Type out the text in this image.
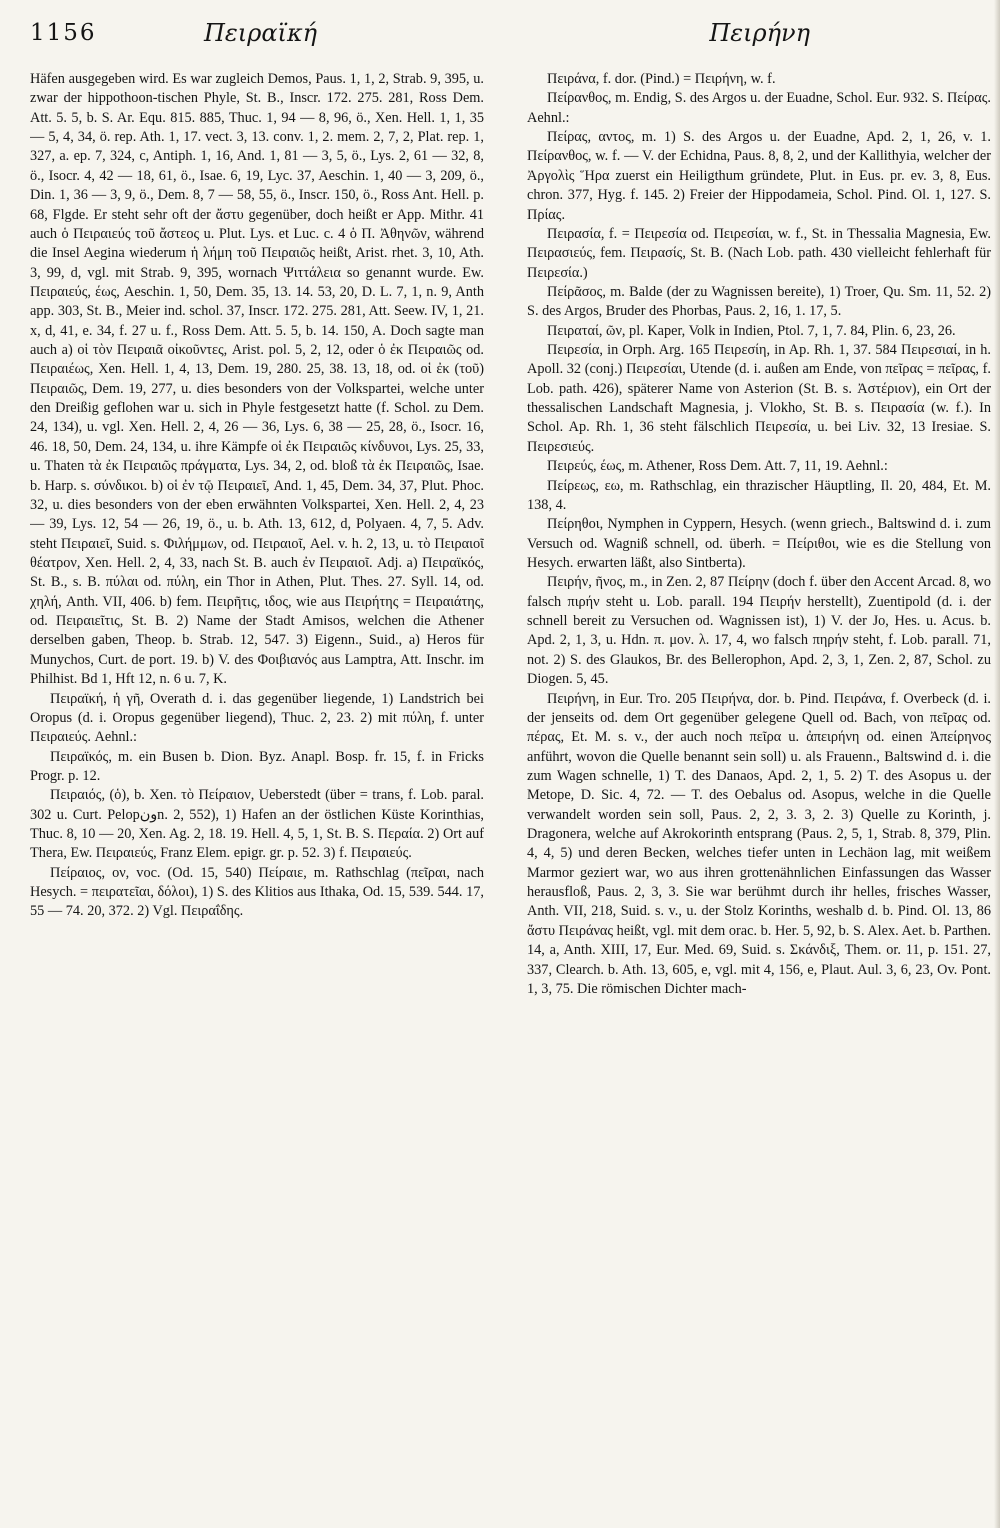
1156	Πειραϊκή	Πειρήνη

Häfen ausgegeben wird. Es war zugleich Demos, Paus. 1, 1, 2, Strab. 9, 395, u. zwar der hippothoon-tischen Phyle, St. B., Inscr. 172. 275. 281, Ross Dem. Att. 5. 5, b. S. Ar. Equ. 815. 885, Thuc. 1, 94 — 8, 96, ö., Xen. Hell. 1, 1, 35 — 5, 4, 34, ö. rep. Ath. 1, 17. vect. 3, 13. conv. 1, 2. mem. 2, 7, 2, Plat. rep. 1, 327, a. ep. 7, 324, c, Antiph. 1, 16, And. 1, 81 — 3, 5, ö., Lys. 2, 61 — 32, 8, ö., Isocr. 4, 42 — 18, 61, ö., Isae. 6, 19, Lyc. 37, Aeschin. 1, 40 — 3, 209, ö., Din. 1, 36 — 3, 9, ö., Dem. 8, 7 — 58, 55, ö., Inscr. 150, ö., Ross Ant. Hell. p. 68, Flgde. Er steht sehr oft der ἄστυ gegenüber, doch heißt er App. Mithr. 41 auch ὁ Πειραιεύς τοῦ ἄστεος u. Plut. Lys. et Luc. c. 4 ὁ Π. Ἀθηνῶν, während die Insel Aegina wiederum ἡ λήμη τοῦ Πειραιῶς heißt, Arist. rhet. 3, 10, Ath. 3, 99, d, vgl. mit Strab. 9, 395, wornach Ψιττάλεια so genannt wurde. Ew. Πειραιεύς, έως, Aeschin. 1, 50, Dem. 35, 13. 14. 53, 20, D. L. 7, 1, n. 9, Anth app. 303, St. B., Meier ind. schol. 37, Inscr. 172. 275. 281, Att. Seew. IV, 1, 21. x, d, 41, e. 34, f. 27 u. f., Ross Dem. Att. 5. 5, b. 14. 150, A. Doch sagte man auch a) οἱ τὸν Πειραιᾶ οἰκοῦντες, Arist. pol. 5, 2, 12, oder ὁ ἐκ Πειραιῶς od. Πειραιέως, Xen. Hell. 1, 4, 13, Dem. 19, 280. 25, 38. 13, 18, od. οἱ ἐκ (τοῦ) Πειραιῶς, Dem. 19, 277, u. dies besonders von der Volkspartei, welche unter den Dreißig geflohen war u. sich in Phyle festgesetzt hatte (f. Schol. zu Dem. 24, 134), u. vgl. Xen. Hell. 2, 4, 26 — 36, Lys. 6, 38 — 25, 28, ö., Isocr. 16, 46. 18, 50, Dem. 24, 134, u. ihre Kämpfe οἱ ἐκ Πειραιῶς κίνδυνοι, Lys. 25, 33, u. Thaten τὰ ἐκ Πειραιῶς πράγματα, Lys. 34, 2, od. bloß τὰ ἐκ Πειραιῶς, Isae. b. Harp. s. σύνδικοι. b) οἱ ἐν τῷ Πειραιεῖ, And. 1, 45, Dem. 34, 37, Plut. Phoc. 32, u. dies besonders von der eben erwähnten Volkspartei, Xen. Hell. 2, 4, 23 — 39, Lys. 12, 54 — 26, 19, ö., u. b. Ath. 13, 612, d, Polyaen. 4, 7, 5. Adv. steht Πειραιεῖ, Suid. s. Φιλήμμων, od. Πειραιοῖ, Ael. v. h. 2, 13, u. τὸ Πειραιοῖ θέατρον, Xen. Hell. 2, 4, 33, nach St. B. auch ἐν Πειραιοῖ. Adj. a) Πειραϊκός, St. B., s. B. πύλαι od. πύλη, ein Thor in Athen, Plut. Thes. 27. Syll. 14, od. χηλή, Anth. VII, 406. b) fem. Πειρῆτις, ιδος, wie aus Πειρήτης = Πειραιάτης, od. Πειραιεῖτις, St. B. 2) Name der Stadt Amisos, welchen die Athener derselben gaben, Theop. b. Strab. 12, 547. 3) Eigenn., Suid., a) Heros für Munychos, Curt. de port. 19. b) V. des Φοιβιανός aus Lamptra, Att. Inschr. im Philhist. Bd 1, Hft 12, n. 6 u. 7, K.

Πειραϊκή, ἡ γῆ, Overath d. i. das gegenüber liegende, 1) Landstrich bei Oropus (d. i. Oropus gegenüber liegend), Thuc. 2, 23. 2) mit πύλη, f. unter Πειραιεύς. Aehnl.:

Πειραϊκός, m. ein Busen b. Dion. Byz. Anapl. Bosp. fr. 15, f. in Fricks Progr. p. 12.

Πειραιός, (ὁ), b. Xen. τὸ Πείραιον, Ueberstedt (über = trans, f. Lob. paral. 302 u. Curt. Pelopونn. 2, 552), 1) Hafen an der östlichen Küste Korinthias, Thuc. 8, 10 — 20, Xen. Ag. 2, 18. 19. Hell. 4, 5, 1, St. B. S. Περαία. 2) Ort auf Thera, Ew. Πειραιεύς, Franz Elem. epigr. gr. p. 52. 3) f. Πειραιεύς.

Πείραιος, ον, voc. (Od. 15, 540) Πείραιε, m. Rathschlag (πεῖραι, nach Hesych. = πειρατεῖαι, δόλοι), 1) S. des Klitios aus Ithaka, Od. 15, 539. 544. 17, 55 — 74. 20, 372. 2) Vgl. Πειραΐδης.

Πειράνα, f. dor. (Pind.) = Πειρήνη, w. f.

Πείρανθος, m. Endig, S. des Argos u. der Euadne, Schol. Eur. 932. S. Πείρας. Aehnl.:

Πείρας, αντος, m. 1) S. des Argos u. der Euadne, Apd. 2, 1, 26, v. 1. Πείρανθος, w. f. — V. der Echidna, Paus. 8, 8, 2, und der Kallithyia, welcher der Ἀργολὶς Ἥρα zuerst ein Heiligthum gründete, Plut. in Eus. pr. ev. 3, 8, Eus. chron. 377, Hyg. f. 145. 2) Freier der Hippodameia, Schol. Pind. Ol. 1, 127. S. Πρίας.

Πειρασία, f. = Πειρεσία od. Πειρεσίαι, w. f., St. in Thessalia Magnesia, Ew. Πειρασιεύς, fem. Πειρασίς, St. B. (Nach Lob. path. 430 vielleicht fehlerhaft für Πειρεσία.)

Πείρᾶσος, m. Balde (der zu Wagnissen bereite), 1) Troer, Qu. Sm. 11, 52. 2) S. des Argos, Bruder des Phorbas, Paus. 2, 16, 1. 17, 5.

Πειραταί, ῶν, pl. Kaper, Volk in Indien, Ptol. 7, 1, 7. 84, Plin. 6, 23, 26.

Πειρεσία, in Orph. Arg. 165 Πειρεσίη, in Ap. Rh. 1, 37. 584 Πειρεσιαί, in h. Apoll. 32 (conj.) Πειρεσίαι, Utende (d. i. außen am Ende, von πεῖρας = πεῖρας, f. Lob. path. 426), späterer Name von Asterion (St. B. s. Ἀστέριον), ein Ort der thessalischen Landschaft Magnesia, j. Vlokho, St. B. s. Πειρασία (w. f.). In Schol. Ap. Rh. 1, 36 steht fälschlich Πειρεσία, u. bei Liv. 32, 13 Iresiae. S. Πειρεσιεύς.

Πειρεύς, έως, m. Athener, Ross Dem. Att. 7, 11, 19. Aehnl.:

Πείρεως, εω, m. Rathschlag, ein thrazischer Häuptling, Il. 20, 484, Et. M. 138, 4.

Πείρηθοι, Nymphen in Cyppern, Hesych. (wenn griech., Baltswind d. i. zum Versuch od. Wagniß schnell, od. überh. = Πείριθοι, wie es die Stellung von Hesych. erwarten läßt, also Sintberta).

Πειρήν, ῆνος, m., in Zen. 2, 87 Πείρην (doch f. über den Accent Arcad. 8, wo falsch πιρήν steht u. Lob. parall. 194 Πειρήν herstellt), Zuentipold (d. i. der schnell bereit zu Versuchen od. Wagnissen ist), 1) V. der Jo, Hes. u. Acus. b. Apd. 2, 1, 3, u. Hdn. π. μον. λ. 17, 4, wo falsch πηρήν steht, f. Lob. parall. 71, not. 2) S. des Glaukos, Br. des Bellerophon, Apd. 2, 3, 1, Zen. 2, 87, Schol. zu Diogen. 5, 45.

Πειρήνη, in Eur. Tro. 205 Πειρήνα, dor. b. Pind. Πειράνα, f. Overbeck (d. i. der jenseits od. dem Ort gegenüber gelegene Quell od. Bach, von πεῖρας od. πέρας, Et. M. s. v., der auch noch πεῖρα u. ἀπειρήνη od. einen Ἀπείρηνος anführt, wovon die Quelle benannt sein soll) u. als Frauenn., Baltswind d. i. die zum Wagen schnelle, 1) T. des Danaos, Apd. 2, 1, 5. 2) T. des Asopus u. der Metope, D. Sic. 4, 72. — T. des Oebalus od. Asopus, welche in die Quelle verwandelt worden sein soll, Paus. 2, 2, 3. 3, 2. 3) Quelle zu Korinth, j. Dragonera, welche auf Akrokorinth entsprang (Paus. 2, 5, 1, Strab. 8, 379, Plin. 4, 4, 5) und deren Becken, welches tiefer unten in Lechäon lag, mit weißem Marmor geziert war, wo aus ihren grottenähnlichen Einfassungen das Wasser herausfloß, Paus. 2, 3, 3. Sie war berühmt durch ihr helles, frisches Wasser, Anth. VII, 218, Suid. s. v., u. der Stolz Korinths, weshalb d. b. Pind. Ol. 13, 86 ἄστυ Πειράνας heißt, vgl. mit dem orac. b. Her. 5, 92, b. S. Alex. Aet. b. Parthen. 14, a, Anth. XIII, 17, Eur. Med. 69, Suid. s. Σκάνδιξ, Them. or. 11, p. 151. 27, 337, Clearch. b. Ath. 13, 605, e, vgl. mit 4, 156, e, Plaut. Aul. 3, 6, 23, Ov. Pont. 1, 3, 75. Die römischen Dichter mach-
